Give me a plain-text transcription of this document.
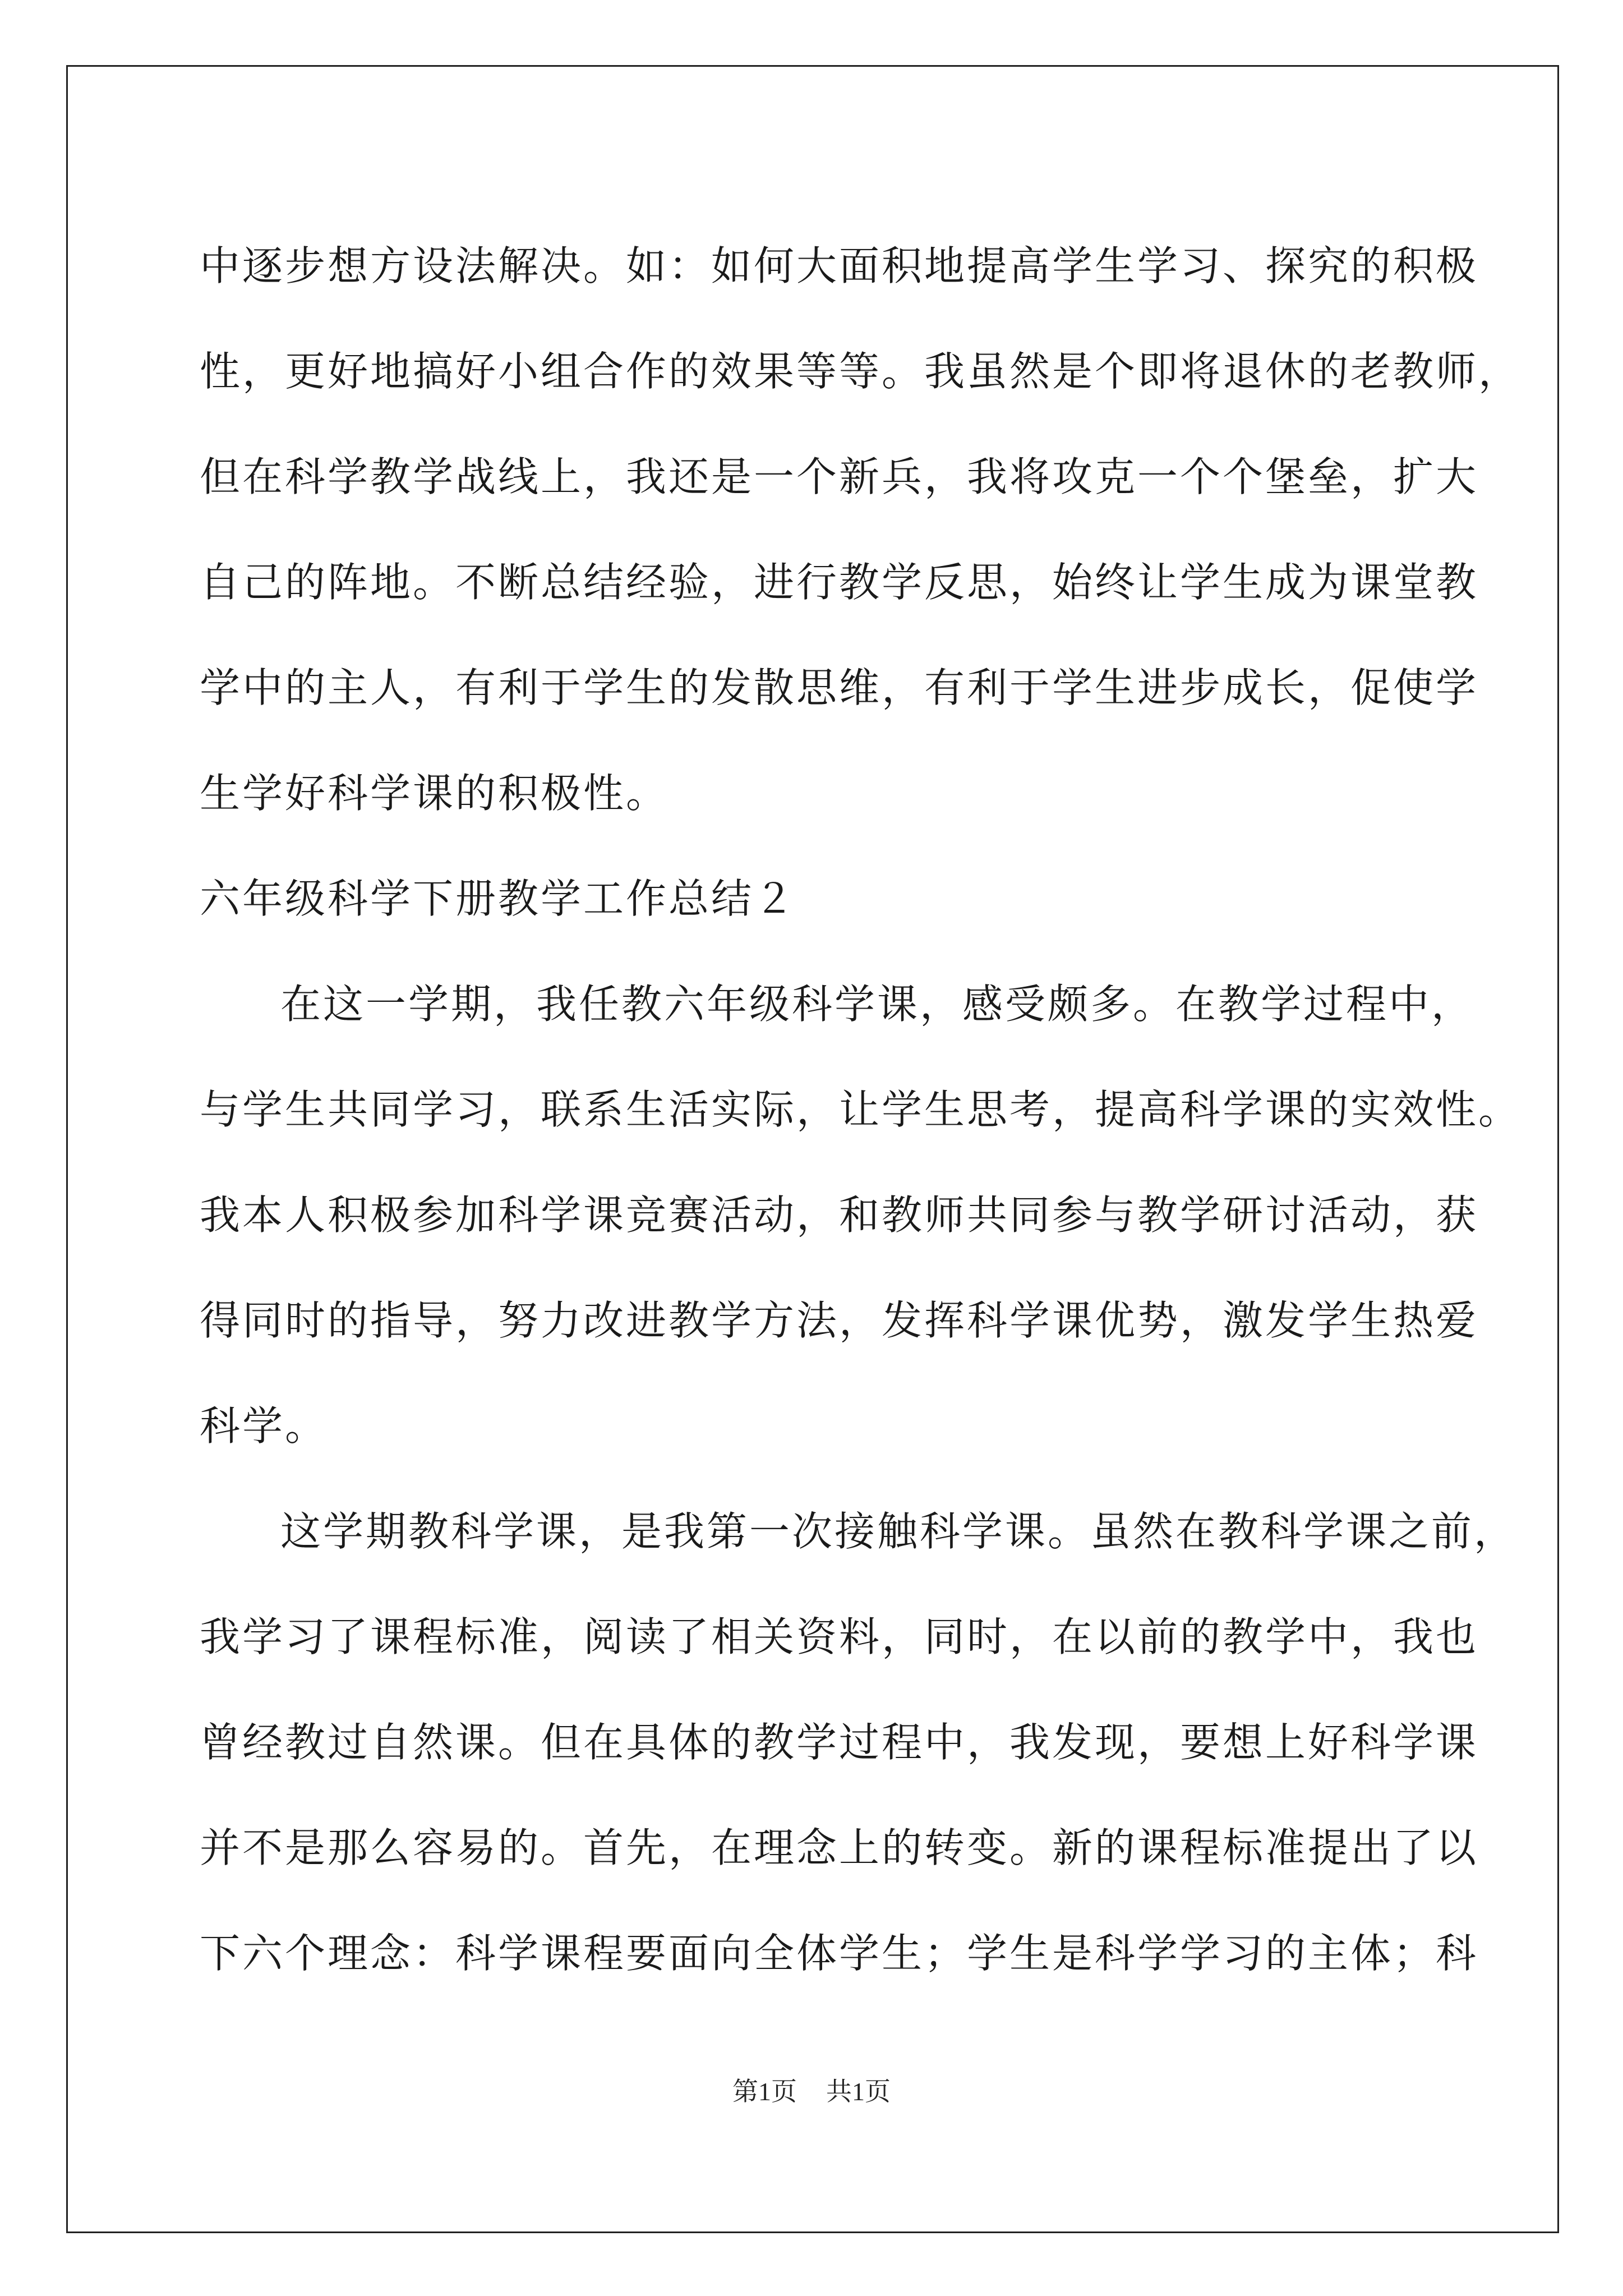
中逐步想方设法解决。如：如何大面积地提高学生学习、探究的积极
性，更好地搞好小组合作的效果等等。我虽然是个即将退休的老教师，
但在科学教学战线上，我还是一个新兵，我将攻克一个个堡垒，扩大
自己的阵地。不断总结经验，进行教学反思，始终让学生成为课堂教
学中的主人，有利于学生的发散思维，有利于学生进步成长，促使学
生学好科学课的积极性。
六年级科学下册教学工作总结２
在这一学期，我任教六年级科学课，感受颇多。在教学过程中，
与学生共同学习，联系生活实际，让学生思考，提高科学课的实效性。
我本人积极参加科学课竞赛活动，和教师共同参与教学研讨活动，获
得同时的指导，努力改进教学方法，发挥科学课优势，激发学生热爱
科学。
这学期教科学课，是我第一次接触科学课。虽然在教科学课之前，
我学习了课程标准，阅读了相关资料，同时，在以前的教学中，我也
曾经教过自然课。但在具体的教学过程中，我发现，要想上好科学课
并不是那么容易的。首先，在理念上的转变。新的课程标准提出了以
下六个理念：科学课程要面向全体学生；学生是科学学习的主体；科
第1页 共1页
